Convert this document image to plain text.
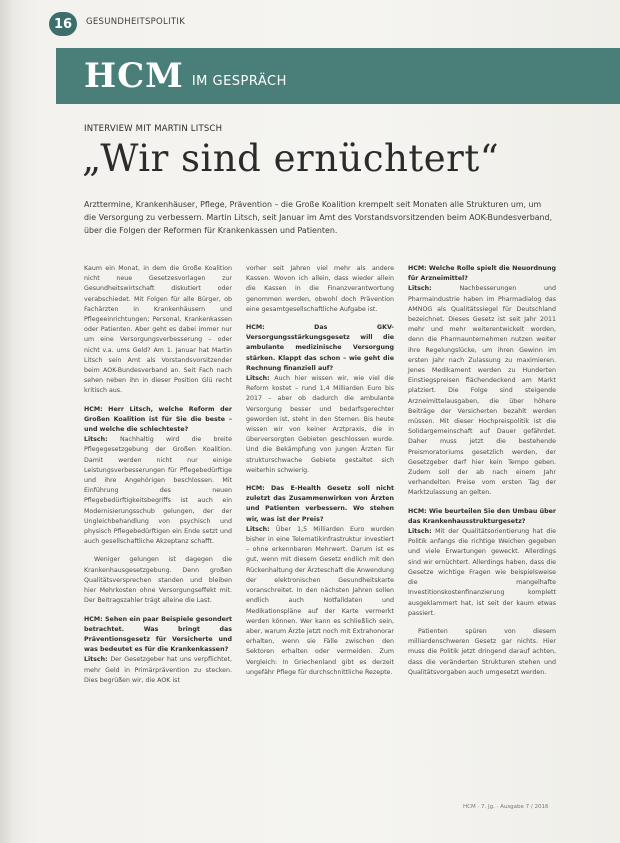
16	GESUNDHEITSPOLITIK
HCM IM GESPRÄCH
INTERVIEW MIT MARTIN LITSCH
„Wir sind ernüchtert“
Arzttermine, Krankenhäuser, Pflege, Prävention – die Große Koalition krempelt seit Monaten alle Strukturen um, um die Versorgung zu verbessern. Martin Litsch, seit Januar im Amt des Vorstandsvorsitzenden beim AOK-Bundesverband, über die Folgen der Reformen für Krankenkassen und Patienten.

Kaum ein Monat, in dem die Große Koalition nicht neue Gesetzesvorlagen zur Gesundheitswirtschaft diskutiert oder verabschiedet. Mit Folgen für alle Bürger, ob Fachärzten in Krankenhäusern und Pflegeeinrichtungen; Personal, Krankenkassen oder Patienten. Aber geht es dabei immer nur um eine Versorgungsverbesserung – oder nicht v.a. ums Geld? Am 1. Januar hat Martin Litsch sein Amt als Vorstandsvorsitzender beim AOK-Bundesverband an. Seit Fach nach sehen neben ihn in dieser Position Glü recht kritisch aus.

HCM: Herr Litsch, welche Reform der Großen Koalition ist für Sie die beste – und welche die schlechteste?
Litsch: Nachhaltig wird die breite Pflegegesetzgebung der Großen Koalition. Damit werden nicht nur einige Leistungsverbesserungen für Pflegebedürftige und ihre Angehörigen beschlossen. Mit Einführung des neuen Pflegebedürftigkeitsbegriffs ist auch ein Modernisierungsschub gelungen, der der Ungleichbehandlung von psychisch und physisch Pflegebedürftigen ein Ende setzt und auch gesellschaftliche Akzeptanz schafft.

Weniger gelungen ist dagegen die Krankenhausgesetzgebung. Denn großen Qualitätsversprechen standen und bleiben hier Mehrkosten ohne Versorgungseffekt mit. Der Beitragszahler trägt alleine die Last.

HCM: Sehen ein paar Beispiele gesondert betrachtet. Was bringt das Präventionsgesetz für Versicherte und was bedeutet es für die Krankenkassen?
Litsch: Der Gesetzgeber hat uns verpflichtet, mehr Geld in Primärprävention zu stecken. Dies begrüßen wir, die AOK ist

vorher seit Jahren viel mehr als andere Kassen. Wovon ich allein, dass wieder allein die Kassen in die Finanzverantwortung genommen werden, obwohl doch Prävention eine gesamtgesellschaftliche Aufgabe ist.

HCM: Das GKV-Versorgungsstärkungsgesetz will die ambulante medizinische Versorgung stärken. Klappt das schon – wie geht die Rechnung finanziell auf?
Litsch: Auch hier wissen wir, wie viel die Reform kostet – rund 1,4 Milliarden Euro bis 2017 – aber ob dadurch die ambulante Versorgung besser und bedarfsgerechter geworden ist, steht in den Sternen. Bis heute wissen wir von keiner Arztpraxis, die in überversorgten Gebieten geschlossen wurde. Und die Bekämpfung von jungen Ärzten für strukturschwache Gebiete gestaltet sich weiterhin schwierig.

HCM: Das E-Health Gesetz soll nicht zuletzt das Zusammenwirken von Ärzten und Patienten verbessern. Wo stehen wir, was ist der Preis?
Litsch: Über 1,5 Milliarden Euro wurden bisher in eine Telematikinfrastruktur investiert – ohne erkennbaren Mehrwert. Darum ist es gut, wenn mit diesem Gesetz endlich mit den Rückenhaltung der Ärzteschaft die Anwendung der elektronischen Gesundheitskarte voranschreitet. In den nächsten Jahren sollen endlich auch Notfalldaten und Medikationspläne auf der Karte vermerkt werden können. Wer kann es schließlich sein, aber, warum Ärzte jetzt noch mit Extrahonorar erhalten, wenn sie Fälle zwischen den Sektoren erhalten oder vermeiden. Zum Vergleich: In Griechenland gibt es derzeit ungefähr Pflege für durchschnittliche Rezepte.

HCM: Welche Rolle spielt die Neuordnung für Arzneimittel?
Litsch:	Nachbesserungen und Pharmaindustrie haben im Pharmadialog das AMNOG als Qualitätssiegel für Deutschland bezeichnet. Dieses Gesetz ist seit Jahr 2011 mehr und mehr weiterentwickelt worden, denn die Pharmaunternehmen nutzen weiter ihre Regelungslücke, um ihren Gewinn im ersten Jahr nach Zulassung zu maximieren. Jenes Medikament werden zu Hunderten Einstiegspreisen flächendeckend am Markt platziert. Die Folge sind steigende Arzneimittelausgaben, die über höhere Beiträge der Versicherten bezahlt werden müssen. Mit dieser Hochpreispolitik ist die Solidargemeinschaft auf Dauer gefährdet. Daher muss jetzt die bestehende Preismoratoriums gesetzlich werden, der Gesetzgeber darf hier kein Tempo geben. Zudem soll der ab nach einem Jahr verhandelten Preise vom ersten Tag der Marktzulassung an gelten.

HCM: Wie beurteilen Sie den Umbau über das Krankenhausstrukturgesetz?
Litsch: Mit der Qualitätsorientierung hat die Politik anfangs die richtige Weichen gegeben und viele Erwartungen geweckt. Allerdings sind wir ernüchtert. Allerdings haben, dass die Gesetze wichtige Fragen wie beispielsweise die mangelhafte Investitionskostenfinanzierung komplett ausgeklammert hat, ist seit der kaum etwas passiert.

Patienten spüren von diesem milliardenschweren Gesetz gar nichts. Hier muss die Politik jetzt dringend darauf achten, dass die veränderten Strukturen stehen und Qualitätsvorgaben auch umgesetzt werden.

HCM · 7. Jg. · Ausgabe 7 / 2016
